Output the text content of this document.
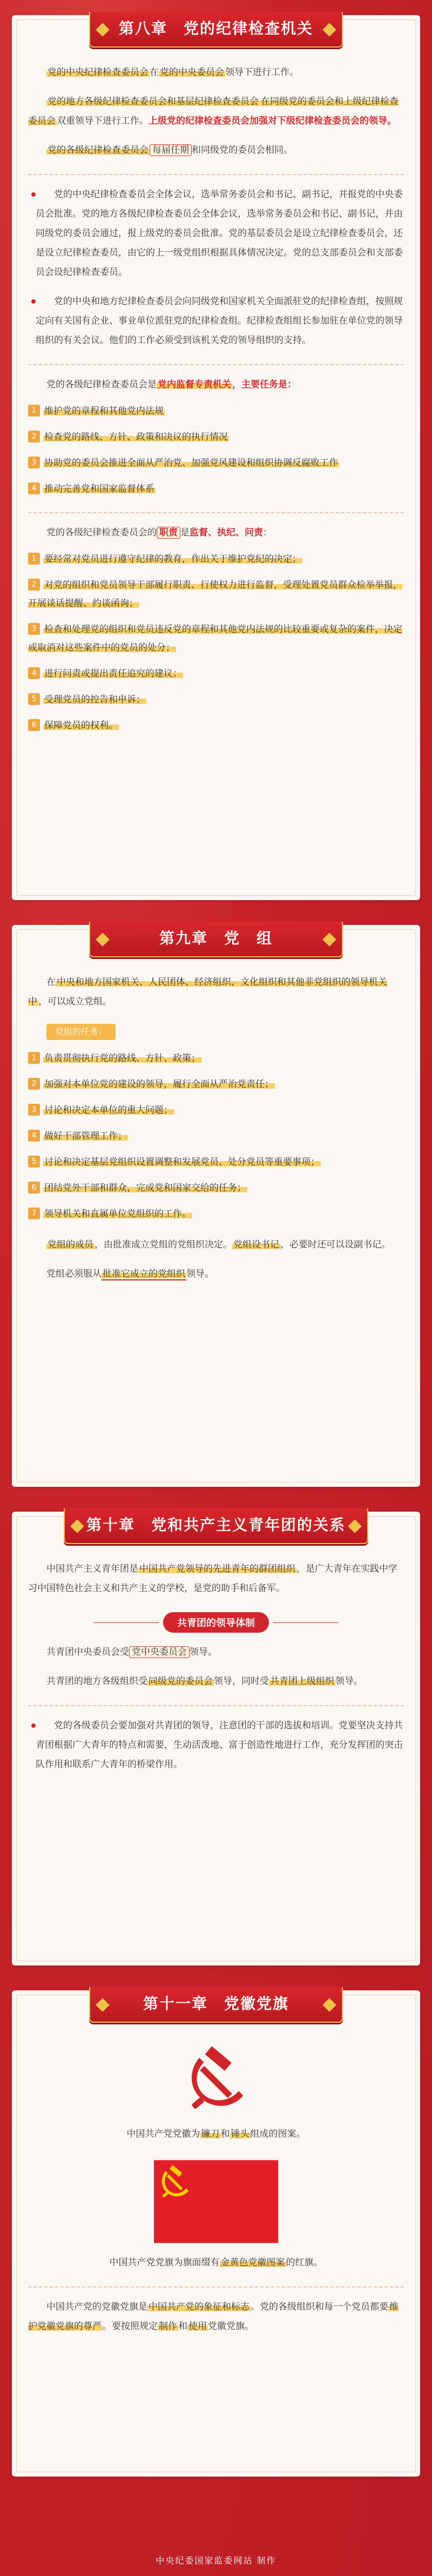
第八章　党的纪律检查机关

党的中央纪律检查委员会 在 党的中央委员会 领导下进行工作。

党的地方各级纪律检查委员会和基层纪律检查委员会 在同级党的委员会和上级纪律检查委员会 双重领导下进行工作。上级党的纪律检查委员会加强对下级纪律检查委员会的领导。

党的各级纪律检查委员会 每届任期 和同级党的委员会相同。

党的中央纪律检查委员会全体会议，选举常务委员会和书记、副书记，并报党的中央委员会批准。党的地方各级纪律检查委员会全体会议，选举常务委员会和书记、副书记，并由同级党的委员会通过，报上级党的委员会批准。党的基层委员会是设立纪律检查委员会，还是设立纪律检查委员，由它的上一级党组织根据具体情况决定。党的总支部委员会和支部委员会设纪律检查委员。

党的中央和地方纪律检查委员会向同级党和国家机关全面派驻党的纪律检查组，按照规定向有关国有企业、事业单位派驻党的纪律检查组。纪律检查组组长参加驻在单位党的领导组织的有关会议。他们的工作必须受到该机关党的领导组织的支持。

党的各级纪律检查委员会是 党内监督专责机关 ，主要任务是：

1 维护党的章程和其他党内法规
2 检查党的路线、方针、政策和决议的执行情况
3 协助党的委员会推进全面从严治党、加强党风建设和组织协调反腐败工作
4 推动完善党和国家监督体系

党的各级纪律检查委员会的 职责 是监督、执纪、问责：

1 要经常对党员进行遵守纪律的教育，作出关于维护党纪的决定；
2 对党的组织和党员领导干部履行职责、行使权力进行监督，受理处置党员群众检举举报，开展谈话提醒、约谈函询；
3 检查和处理党的组织和党员违反党的章程和其他党内法规的比较重要或复杂的案件，决定或取消对这些案件中的党员的处分；
4 进行问责或提出责任追究的建议；
5 受理党员的控告和申诉；
6 保障党员的权利。
第九章　党　组

在 中央和地方国家机关、人民团体、经济组织、文化组织和其他非党组织的领导机关中 ，可以成立党组。

党组的任务：

1 负责贯彻执行党的路线、方针、政策；
2 加强对本单位党的建设的领导，履行全面从严治党责任；
3 讨论和决定本单位的重大问题；
4 做好干部管理工作；
5 讨论和决定基层党组织设置调整和发展党员、处分党员等重要事项；
6 团结党外干部和群众，完成党和国家交给的任务；
7 领导机关和直属单位党组织的工作。

党组的成员 ，由批准成立党组的党组织决定。 党组设书记 ，必要时还可以设副书记。

党组必须服从 批准它成立的党组织 领导。

第十章　党和共产主义青年团的关系

中国共产主义青年团是 中国共产党领导的先进青年的群团组织 ，是广大青年在实践中学习中国特色社会主义和共产主义的学校，是党的助手和后备军。

共青团的领导体制

共青团中央委员会受 党中央委员会 领导。

共青团的地方各级组织受 同级党的委员会 领导，同时受 共青团上级组织 领导。

党的各级委员会要加强对共青团的领导，注意团的干部的选拔和培训。党要坚决支持共青团根据广大青年的特点和需要，生动活泼地、富于创造性地进行工作，充分发挥团的突击队作用和联系广大青年的桥梁作用。

第十一章　党徽党旗

中国共产党党徽为 镰刀 和 锤头 组成的图案。

中国共产党党旗为旗面缀有 金黄色党徽图案 的红旗。

中国共产党的党徽党旗是 中国共产党的象征和标志 。党的各级组织和每一个党员都要 维护党徽党旗的尊严 。要按照规定 制作 和 使用 党徽党旗。

中央纪委国家监委网站 制作
